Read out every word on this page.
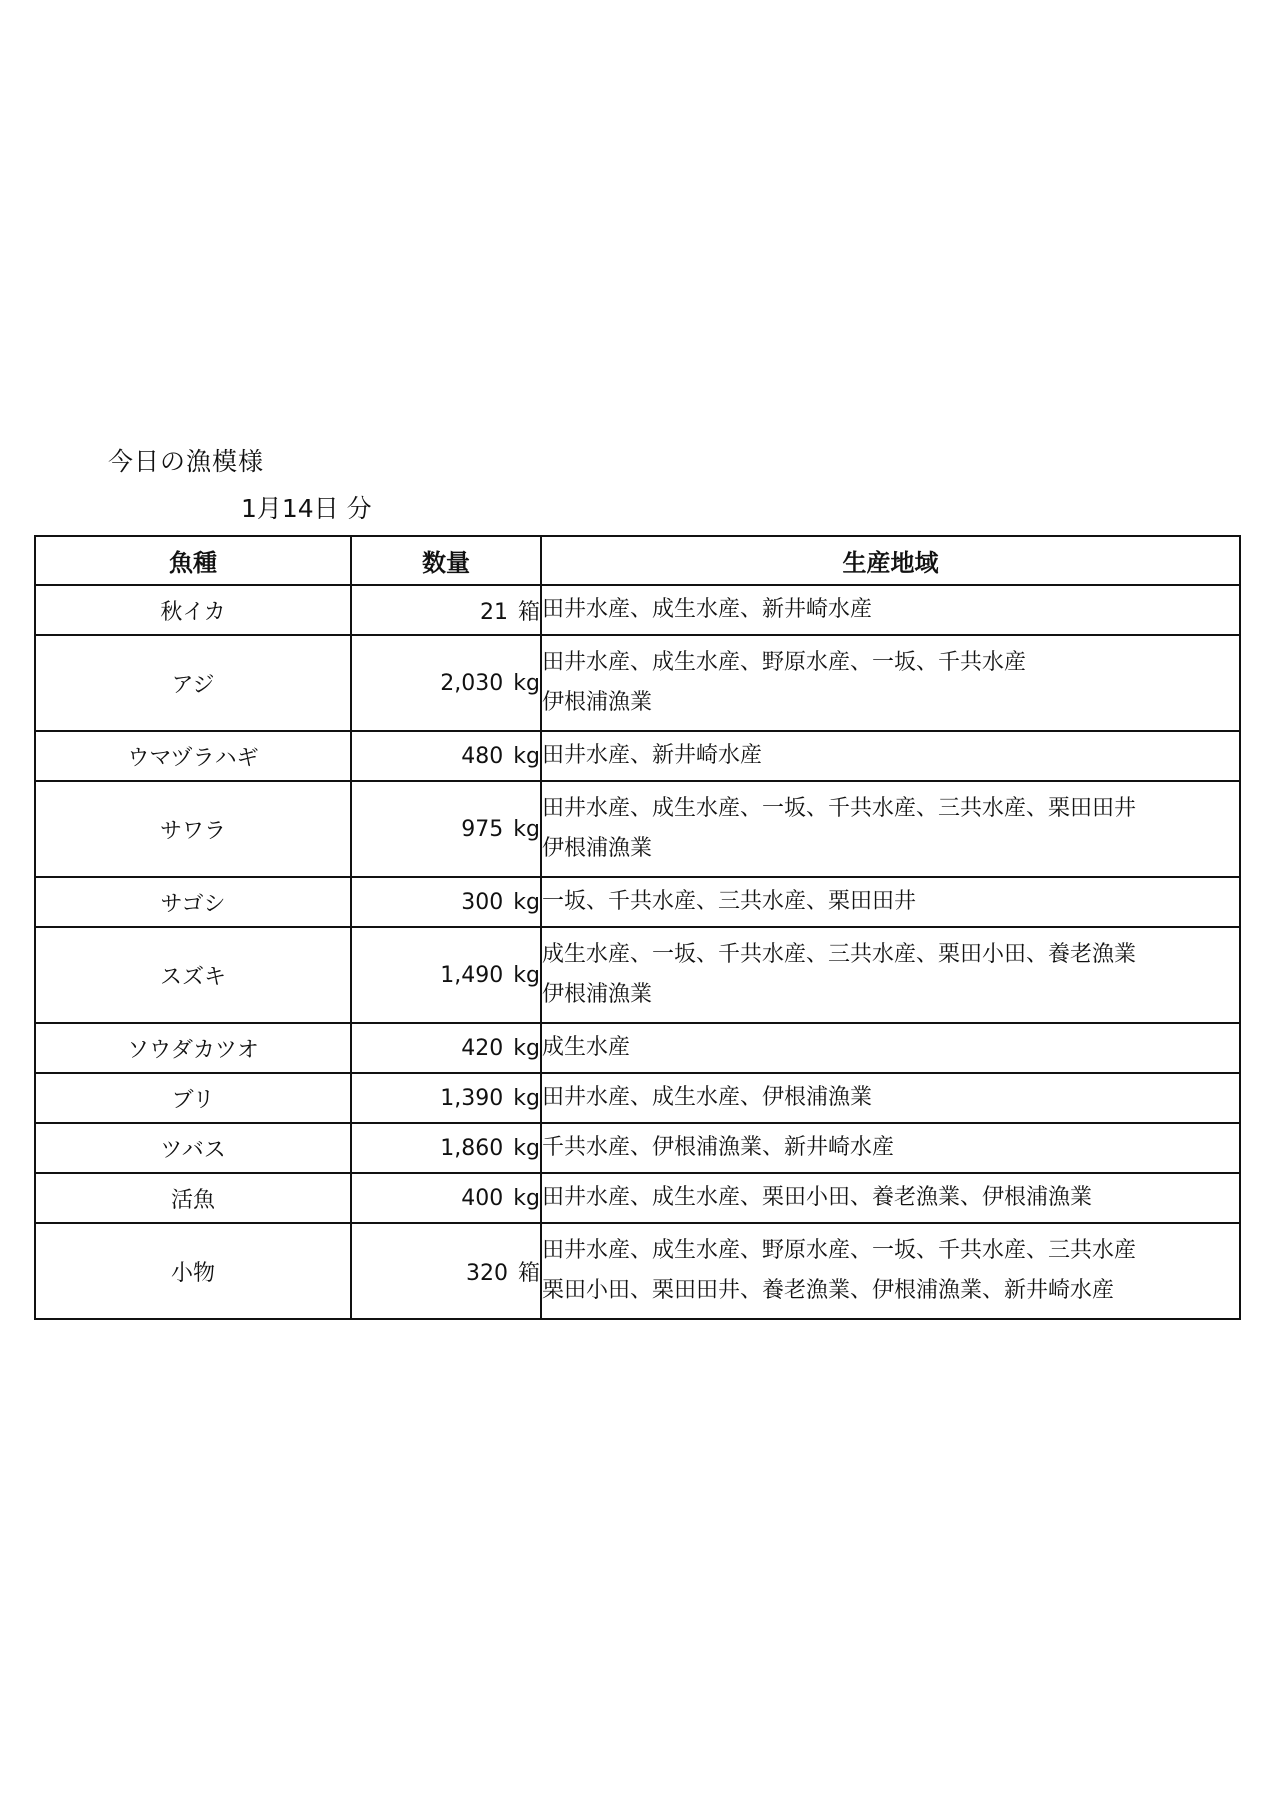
今日の漁模様
1月14日 分
魚種	数量	生産地域
秋イカ	21 箱	田井水産、成生水産、新井崎水産

アジ	2,030 kg	田井水産、成生水産、野原水産、一坂、千共水産
伊根浦漁業

ウマヅラハギ	480 kg	田井水産、新井崎水産

サワラ	975 kg	田井水産、成生水産、一坂、千共水産、三共水産、栗田田井
伊根浦漁業

サゴシ	300 kg	一坂、千共水産、三共水産、栗田田井

スズキ	1,490 kg	成生水産、一坂、千共水産、三共水産、栗田小田、養老漁業
伊根浦漁業

ソウダカツオ	420 kg	成生水産

ブリ	1,390 kg	田井水産、成生水産、伊根浦漁業

ツバス	1,860 kg	千共水産、伊根浦漁業、新井崎水産

活魚	400 kg	田井水産、成生水産、栗田小田、養老漁業、伊根浦漁業

小物	320 箱	田井水産、成生水産、野原水産、一坂、千共水産、三共水産
栗田小田、栗田田井、養老漁業、伊根浦漁業、新井崎水産
